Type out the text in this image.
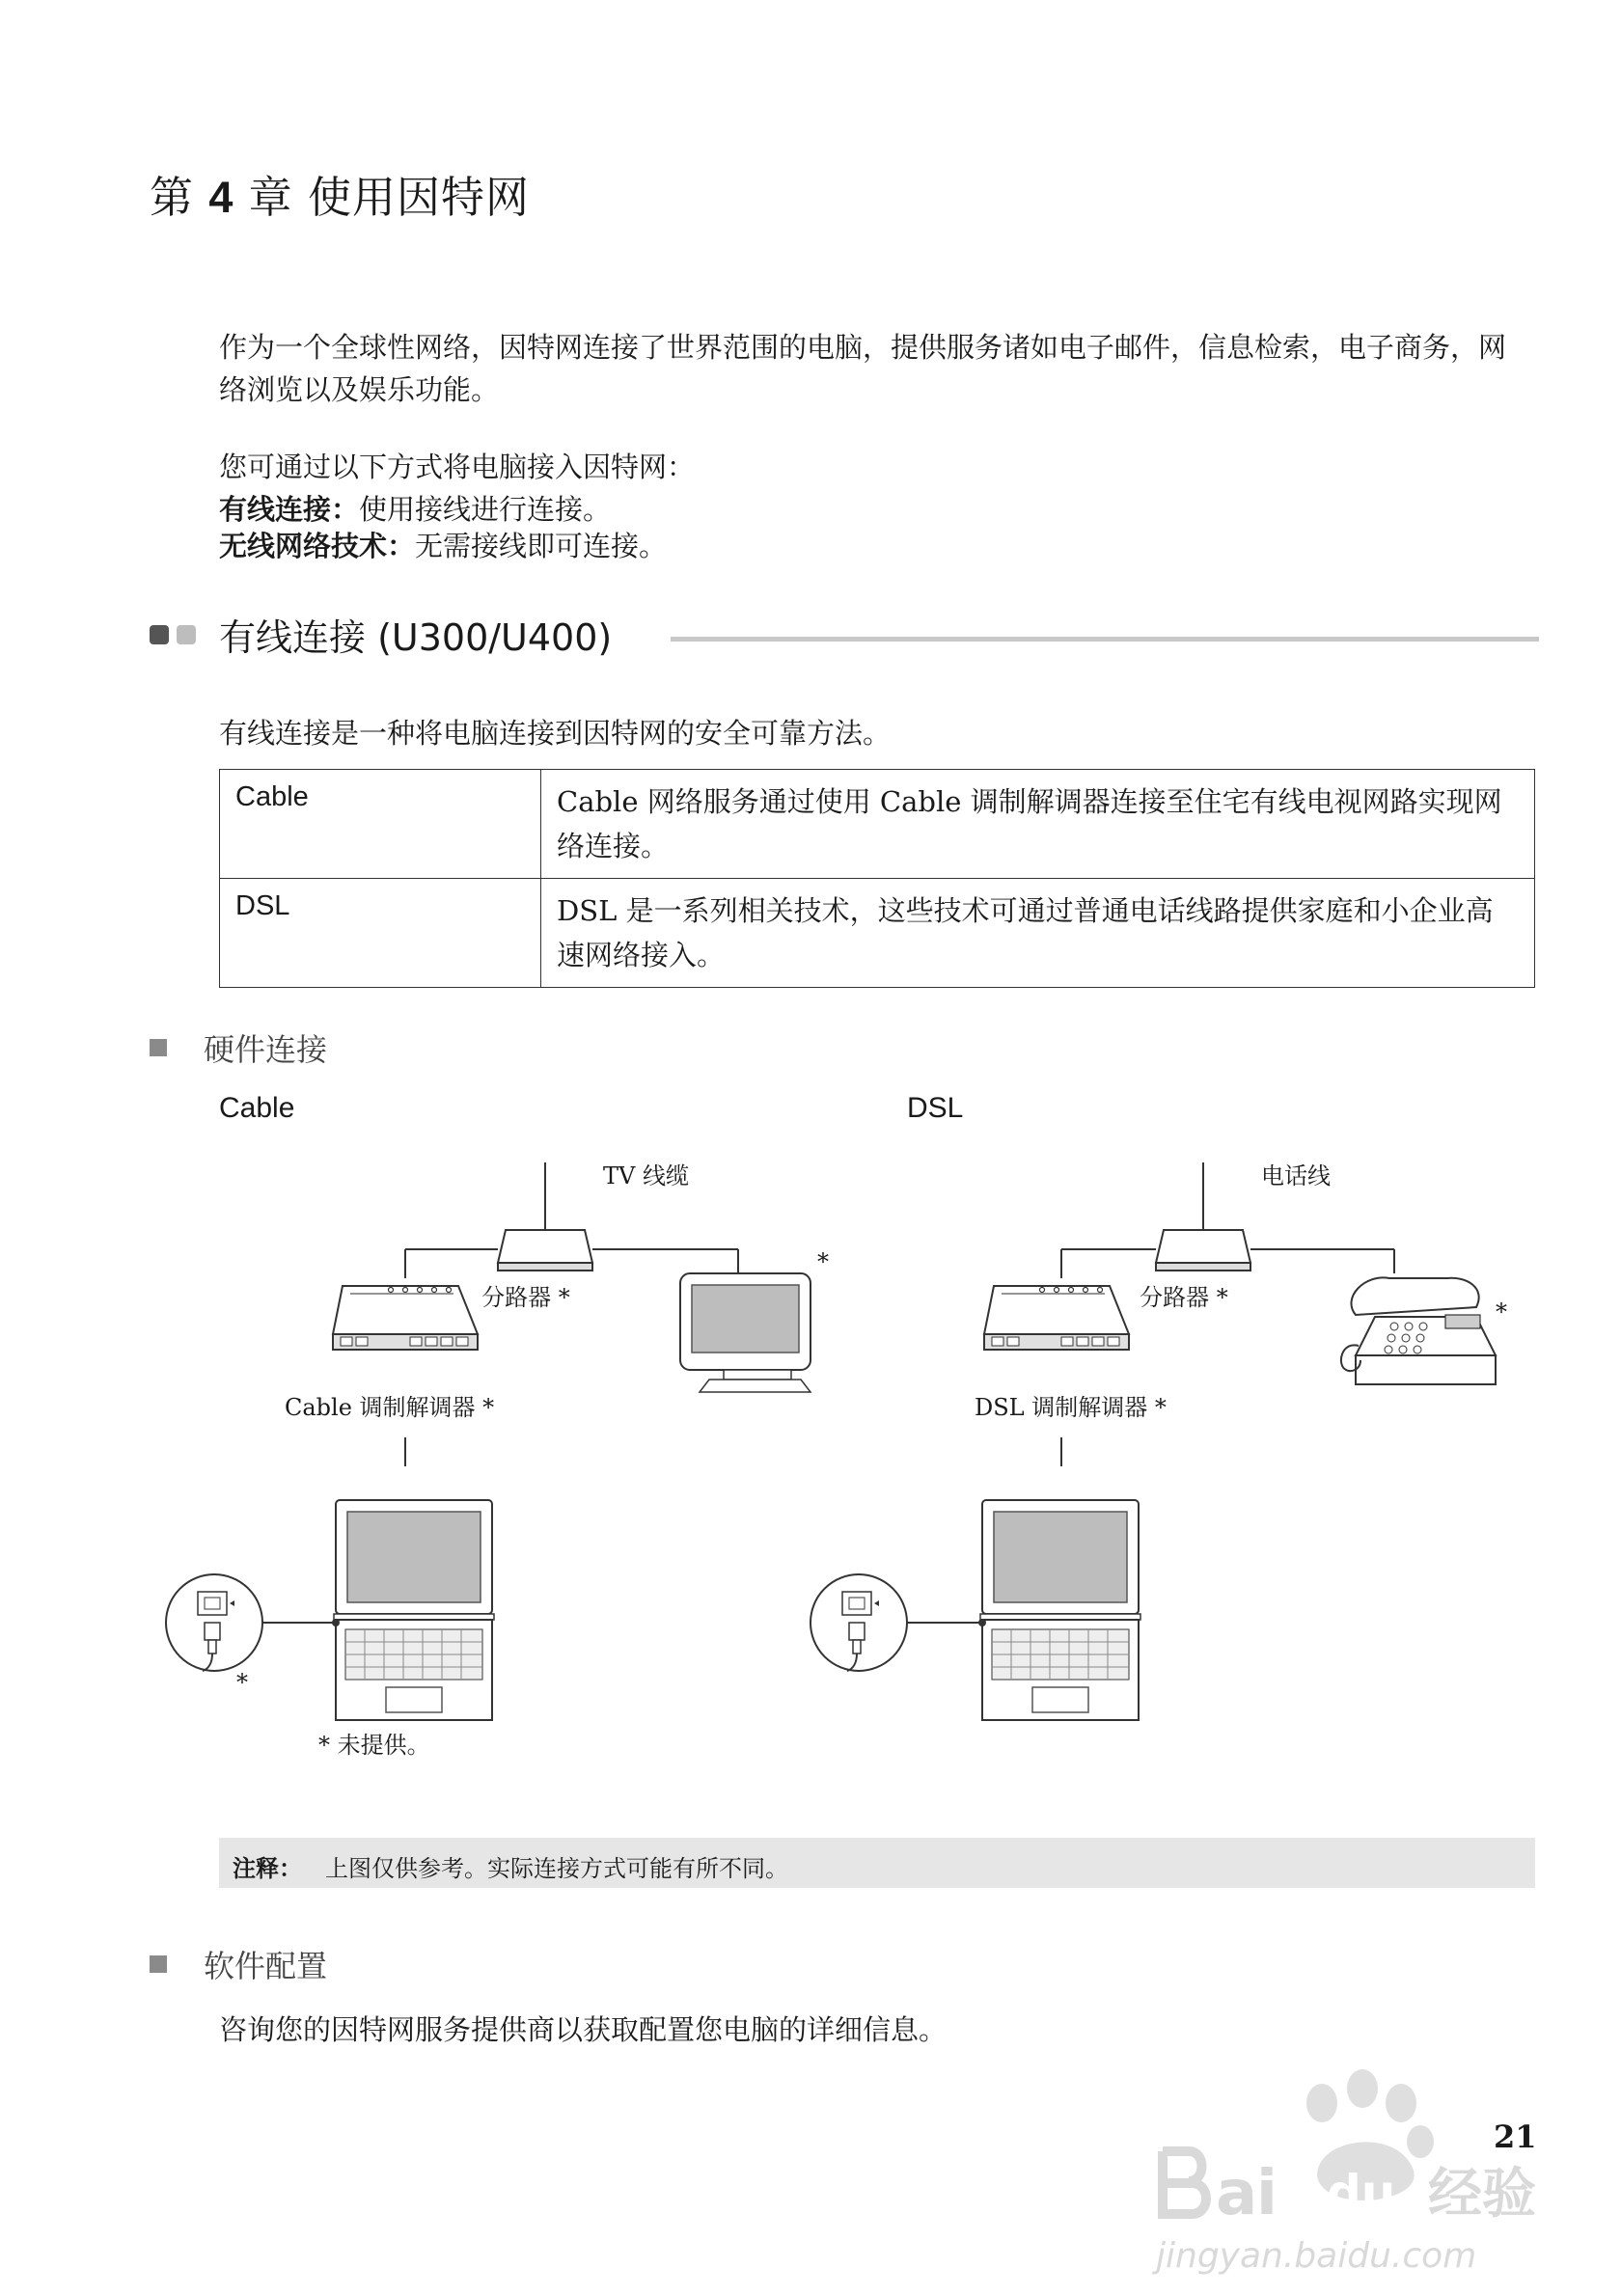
第 4 章 使用因特网
作为一个全球性网络，因特网连接了世界范围的电脑，提供服务诸如电子邮件，信息检索，电子商务，网络浏览以及娱乐功能。
您可通过以下方式将电脑接入因特网：
有线连接：使用接线进行连接。
无线网络技术：无需接线即可连接。
有线连接 (U300/U400)
有线连接是一种将电脑连接到因特网的安全可靠方法。
Cable	Cable 网络服务通过使用 Cable 调制解调器连接至住宅有线电视网路实现网络连接。
DSL	DSL 是一系列相关技术，这些技术可通过普通电话线路提供家庭和小企业高速网络接入。
硬件连接
Cable	DSL
TV 线缆
分路器 *
Cable 调制解调器 *
*
*
* 未提供。
电话线
分路器 *
DSL 调制解调器 *
*
注释： 上图仅供参考。实际连接方式可能有所不同。
软件配置
咨询您的因特网服务提供商以获取配置您电脑的详细信息。
a
i du 经验
21
jingyan.baidu.com
